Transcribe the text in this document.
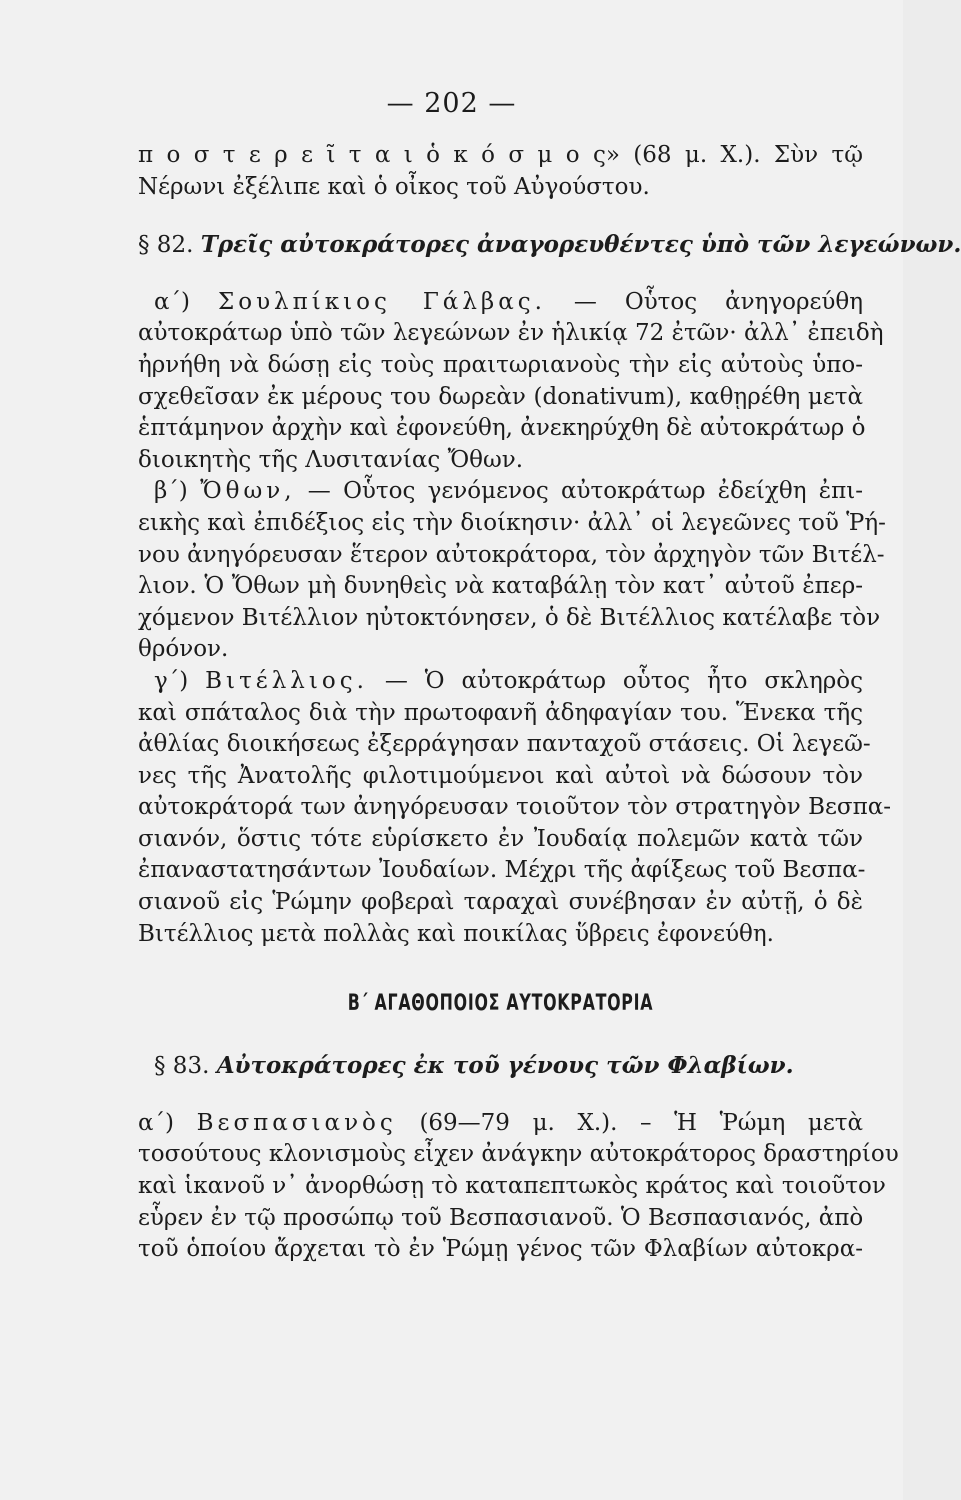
— 202 —
π ο σ τ ε ρ ε ῖ τ α ι ὁ κ ό σ μ ο ς» (68 μ. Χ.). Σὺν τῷ
Νέρωνι ἐξέλιπε καὶ ὁ οἶκος τοῦ Αὐγούστου.
§ 82. Τρεῖς αὐτοκράτορες ἀναγορευθέντες ὑπὸ τῶν λεγεώνων.
α΄) Σουλπίκιος Γάλβας. — Οὗτος ἀνηγορεύθη
αὐτοκράτωρ ὑπὸ τῶν λεγεώνων ἐν ἡλικίᾳ 72 ἐτῶν· ἀλλ᾽ ἐπειδὴ
ἠρνήθη νὰ δώσῃ εἰς τοὺς πραιτωριανοὺς τὴν εἰς αὐτοὺς ὑπο-
σχεθεῖσαν ἐκ μέρους του δωρεὰν (donativum), καθῃρέθη μετὰ
ἑπτάμηνον ἀρχὴν καὶ ἐφονεύθη, ἀνεκηρύχθη δὲ αὐτοκράτωρ ὁ
διοικητὴς τῆς Λυσιτανίας Ὄθων.
β΄) Ὄθων, — Οὗτος γενόμενος αὐτοκράτωρ ἐδείχθη ἐπι-
εικὴς καὶ ἐπιδέξιος εἰς τὴν διοίκησιν· ἀλλ᾽ οἱ λεγεῶνες τοῦ Ῥή-
νου ἀνηγόρευσαν ἕτερον αὐτοκράτορα, τὸν ἀρχηγὸν τῶν Βιτέλ-
λιον. Ὁ Ὄθων μὴ δυνηθεὶς νὰ καταβάλῃ τὸν κατ᾽ αὐτοῦ ἐπερ-
χόμενον Βιτέλλιον ηὐτοκτόνησεν, ὁ δὲ Βιτέλλιος κατέλαβε τὸν
θρόνον.
γ΄) Βιτέλλιος. — Ὁ αὐτοκράτωρ οὗτος ἦτο σκληρὸς
καὶ σπάταλος διὰ τὴν πρωτοφανῆ ἀδηφαγίαν του. Ἕνεκα τῆς
ἀθλίας διοικήσεως ἐξερράγησαν πανταχοῦ στάσεις. Οἱ λεγεῶ-
νες τῆς Ἀνατολῆς φιλοτιμούμενοι καὶ αὐτοὶ νὰ δώσουν τὸν
αὐτοκράτορά των ἀνηγόρευσαν τοιοῦτον τὸν στρατηγὸν Βεσπα-
σιανόν, ὅστις τότε εὑρίσκετο ἐν Ἰουδαίᾳ πολεμῶν κατὰ τῶν
ἐπαναστατησάντων Ἰουδαίων. Μέχρι τῆς ἀφίξεως τοῦ Βεσπα-
σιανοῦ εἰς Ῥώμην φοβεραὶ ταραχαὶ συνέβησαν ἐν αὐτῇ, ὁ δὲ
Βιτέλλιος μετὰ πολλὰς καὶ ποικίλας ὕβρεις ἐφονεύθη.
Β΄ ΑΓΑΘΟΠΟΙΟΣ ΑΥΤΟΚΡΑΤΟΡΙΑ
§ 83. Αὐτοκράτορες ἐκ τοῦ γένους τῶν Φλαβίων.
α΄) Βεσπασιανὸς (69—79 μ. Χ.). – Ἡ Ῥώμη μετὰ
τοσούτους κλονισμοὺς εἶχεν ἀνάγκην αὐτοκράτορος δραστηρίου
καὶ ἱκανοῦ ν᾽ ἀνορθώσῃ τὸ καταπεπτωκὸς κράτος καὶ τοιοῦτον
εὗρεν ἐν τῷ προσώπῳ τοῦ Βεσπασιανοῦ. Ὁ Βεσπασιανός, ἀπὸ
τοῦ ὁποίου ἄρχεται τὸ ἐν Ῥώμῃ γένος τῶν Φλαβίων αὐτοκρα-
